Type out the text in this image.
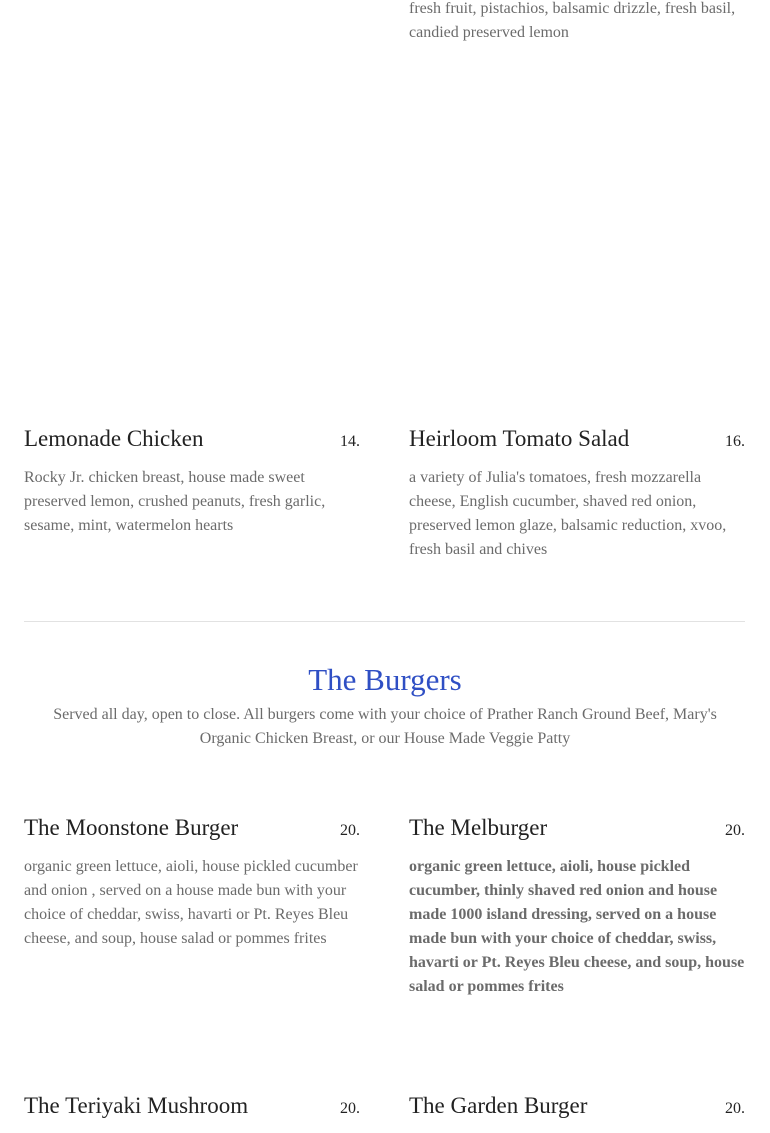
fresh fruit, pistachios, balsamic drizzle, fresh basil, candied preserved lemon

Lemonade Chicken	14.

Rocky Jr. chicken breast, house made sweet preserved lemon, crushed peanuts, fresh garlic, sesame, mint, watermelon hearts

Heirloom Tomato Salad	16.

a variety of Julia's tomatoes, fresh mozzarella cheese, English cucumber, shaved red onion, preserved lemon glaze, balsamic reduction, xvoo, fresh basil and chives

The Burgers

Served all day, open to close. All burgers come with your choice of Prather Ranch Ground Beef, Mary's Organic Chicken Breast, or our House Made Veggie Patty

The Moonstone Burger	20.

organic green lettuce, aioli, house pickled cucumber and onion , served on a house made bun with your choice of cheddar, swiss, havarti or Pt. Reyes Bleu cheese, and soup, house salad or pommes frites

The Melburger	20.

organic green lettuce, aioli, house pickled cucumber, thinly shaved red onion and house made 1000 island dressing, served on a house made bun with your choice of cheddar, swiss, havarti or Pt. Reyes Bleu cheese, and soup, house salad or pommes frites

The Teriyaki Mushroom	20. The Garden Burger	20.
